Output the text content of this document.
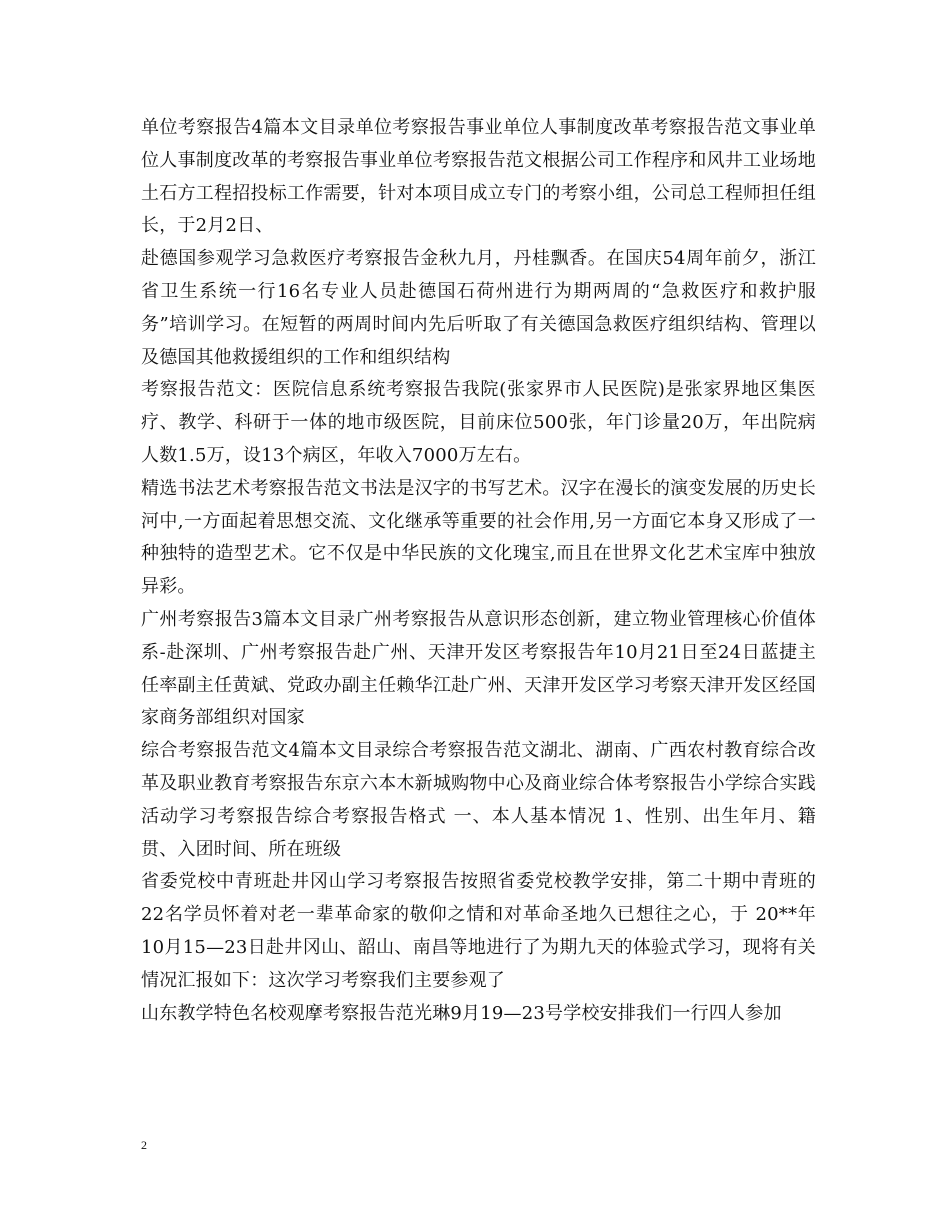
单位考察报告4篇本文目录单位考察报告事业单位人事制度改革考察报告范文事业单位人事制度改革的考察报告事业单位考察报告范文根据公司工作程序和风井工业场地土石方工程招投标工作需要，针对本项目成立专门的考察小组，公司总工程师担任组长，于2月2日、

赴德国参观学习急救医疗考察报告金秋九月，丹桂飘香。在国庆54周年前夕，浙江省卫生系统一行16名专业人员赴德国石荷州进行为期两周的“急救医疗和救护服务”培训学习。在短暂的两周时间内先后听取了有关德国急救医疗组织结构、管理以及德国其他救援组织的工作和组织结构

考察报告范文：医院信息系统考察报告我院(张家界市人民医院)是张家界地区集医疗、教学、科研于一体的地市级医院，目前床位500张，年门诊量20万，年出院病人数1.5万，设13个病区，年收入7000万左右。

精选书法艺术考察报告范文书法是汉字的书写艺术。汉字在漫长的演变发展的历史长河中,一方面起着思想交流、文化继承等重要的社会作用,另一方面它本身又形成了一种独特的造型艺术。它不仅是中华民族的文化瑰宝,而且在世界文化艺术宝库中独放异彩。

广州考察报告3篇本文目录广州考察报告从意识形态创新，建立物业管理核心价值体系-赴深圳、广州考察报告赴广州、天津开发区考察报告年10月21日至24日蓝捷主任率副主任黄斌、党政办副主任赖华江赴广州、天津开发区学习考察天津开发区经国家商务部组织对国家

综合考察报告范文4篇本文目录综合考察报告范文湖北、湖南、广西农村教育综合改革及职业教育考察报告东京六本木新城购物中心及商业综合体考察报告小学综合实践活动学习考察报告综合考察报告格式 一、本人基本情况 1、性别、出生年月、籍贯、入团时间、所在班级

省委党校中青班赴井冈山学习考察报告按照省委党校教学安排，第二十期中青班的22名学员怀着对老一辈革命家的敬仰之情和对革命圣地久已想往之心，于 20**年10月15—23日赴井冈山、韶山、南昌等地进行了为期九天的体验式学习，现将有关情况汇报如下：这次学习考察我们主要参观了

山东教学特色名校观摩考察报告范光琳9月19—23号学校安排我们一行四人参加

2
